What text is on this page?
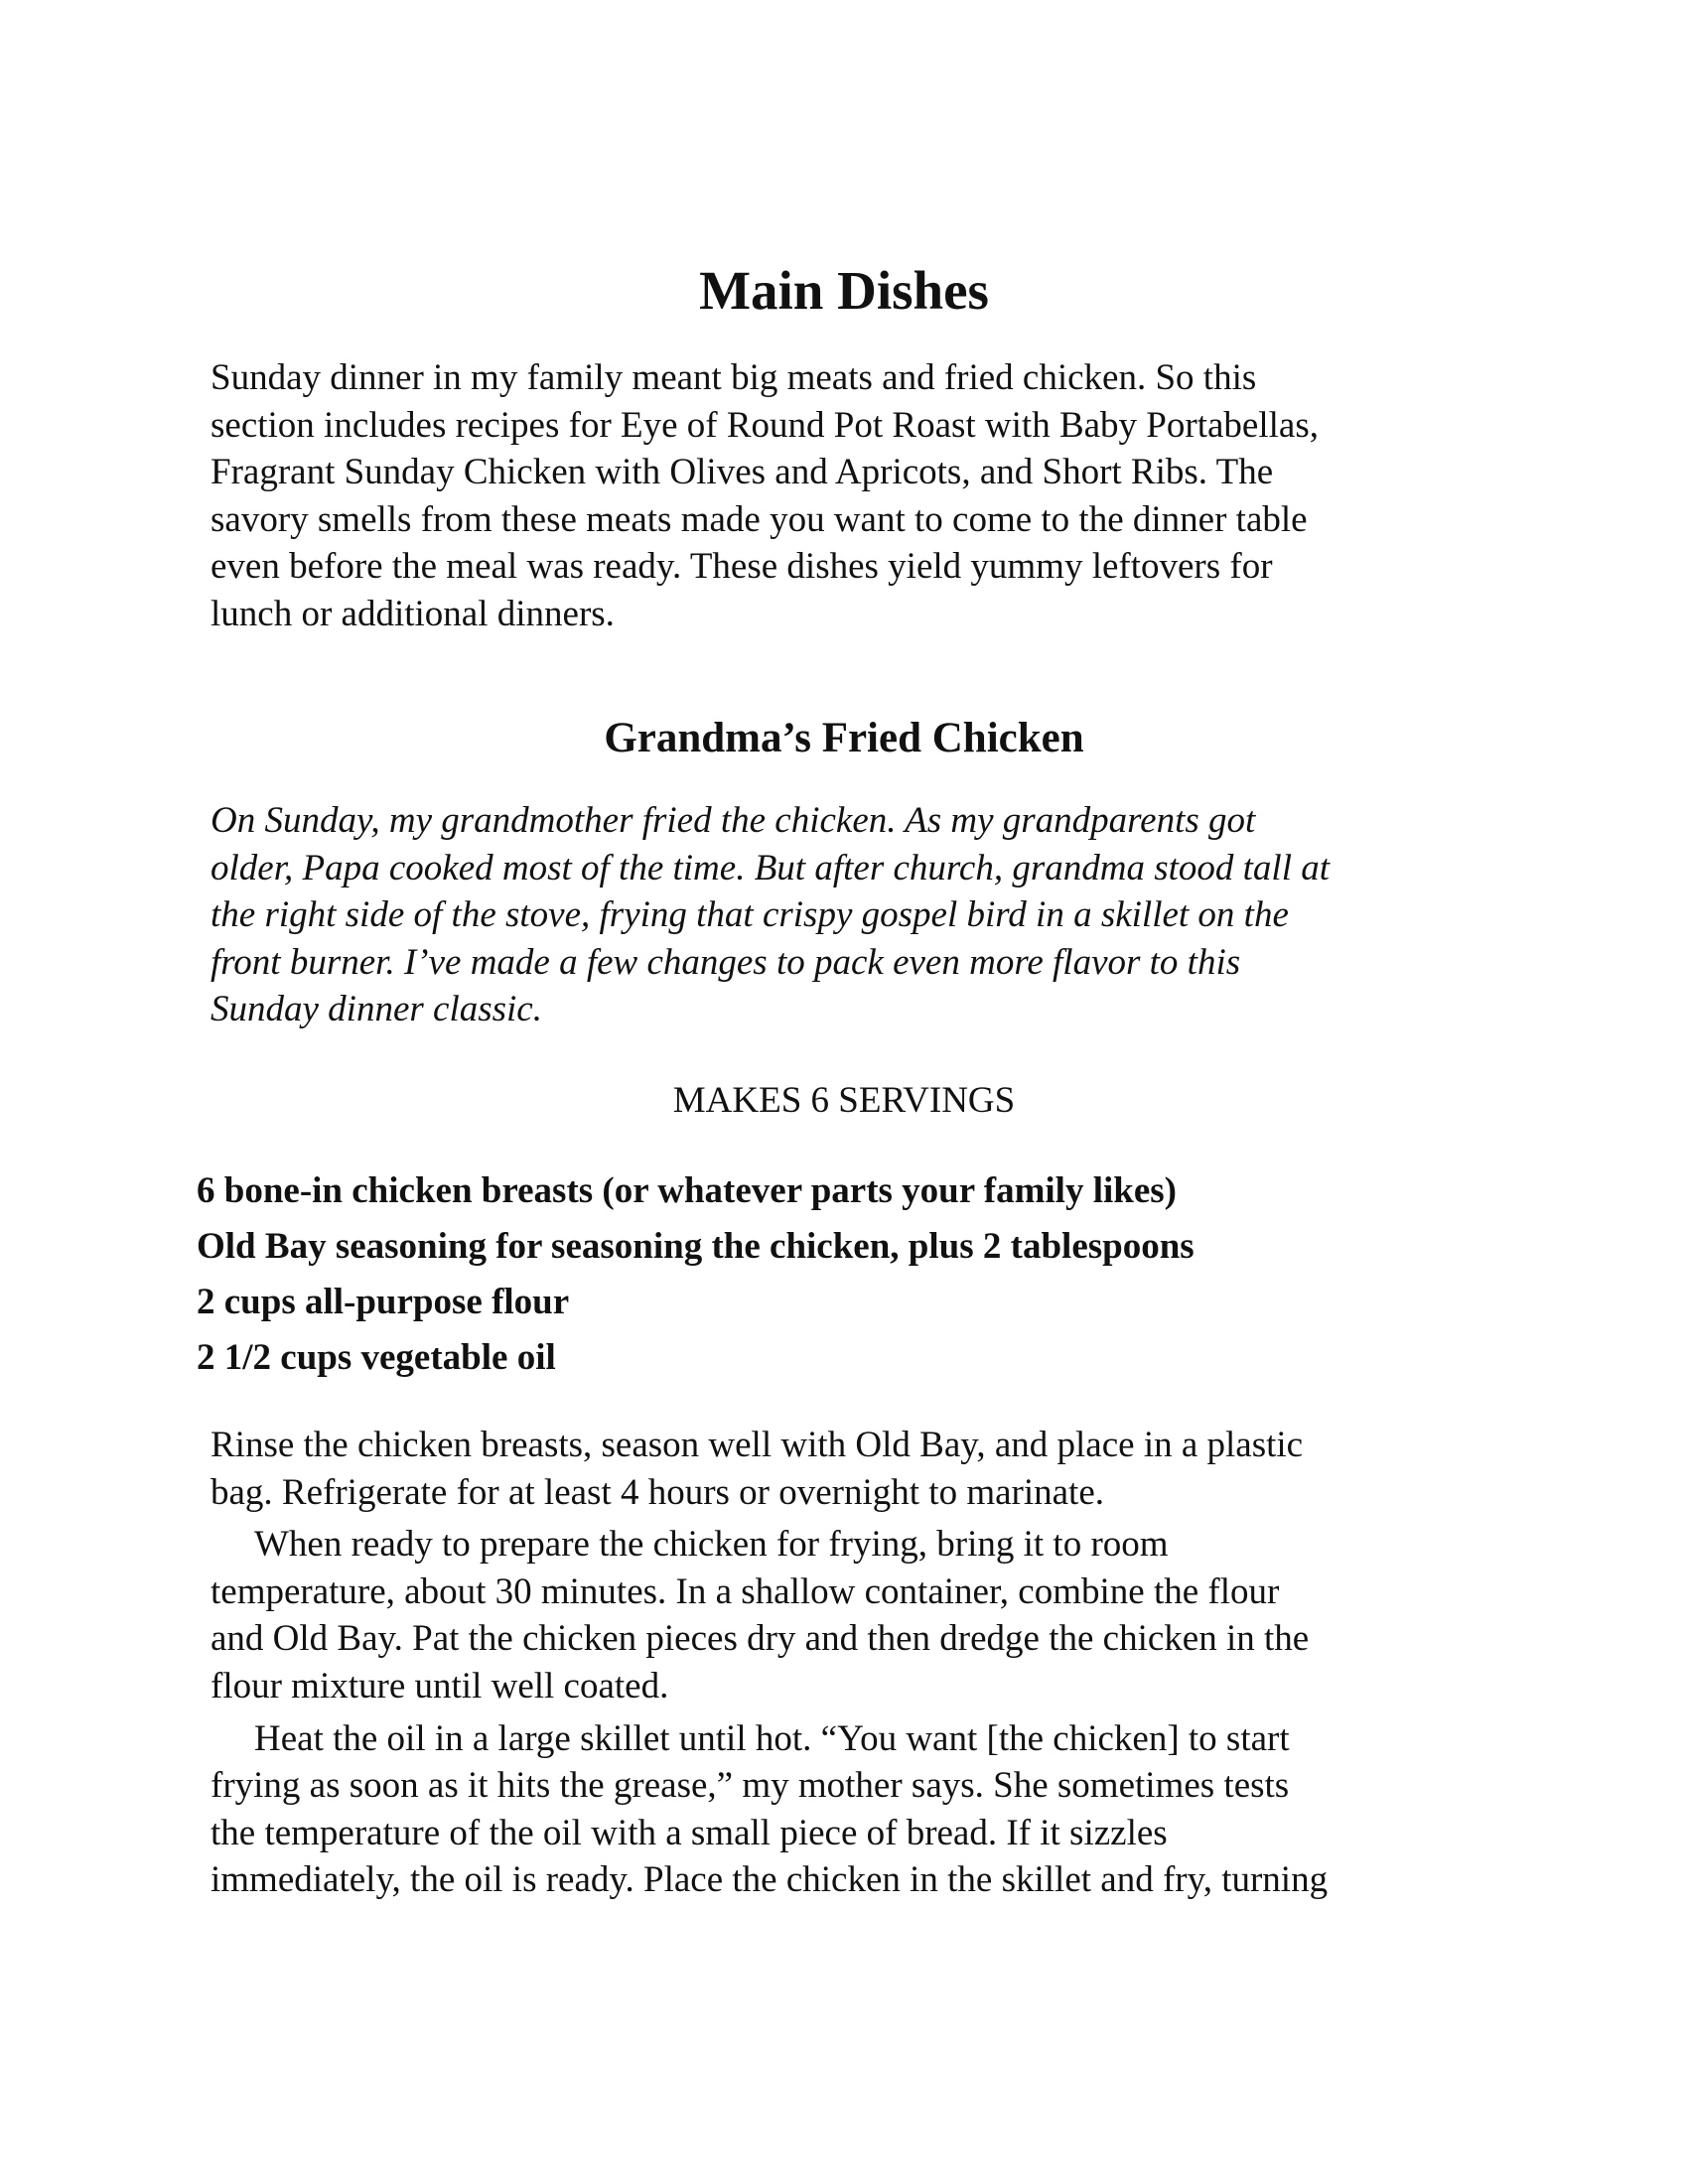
Main Dishes

Sunday dinner in my family meant big meats and fried chicken. So this
section includes recipes for Eye of Round Pot Roast with Baby Portabellas,
Fragrant Sunday Chicken with Olives and Apricots, and Short Ribs. The
savory smells from these meats made you want to come to the dinner table
even before the meal was ready. These dishes yield yummy leftovers for
lunch or additional dinners.

Grandma’s Fried Chicken

On Sunday, my grandmother fried the chicken. As my grandparents got
older, Papa cooked most of the time. But after church, grandma stood tall at
the right side of the stove, frying that crispy gospel bird in a skillet on the
front burner. I’ve made a few changes to pack even more flavor to this
Sunday dinner classic.

MAKES 6 SERVINGS

6 bone-in chicken breasts (or whatever parts your family likes)
Old Bay seasoning for seasoning the chicken, plus 2 tablespoons
2 cups all-purpose flour
2 1/2 cups vegetable oil

Rinse the chicken breasts, season well with Old Bay, and place in a plastic
bag. Refrigerate for at least 4 hours or overnight to marinate.

When ready to prepare the chicken for frying, bring it to room
temperature, about 30 minutes. In a shallow container, combine the flour
and Old Bay. Pat the chicken pieces dry and then dredge the chicken in the
flour mixture until well coated.

Heat the oil in a large skillet until hot. “You want [the chicken] to start
frying as soon as it hits the grease,” my mother says. She sometimes tests
the temperature of the oil with a small piece of bread. If it sizzles
immediately, the oil is ready. Place the chicken in the skillet and fry, turning
